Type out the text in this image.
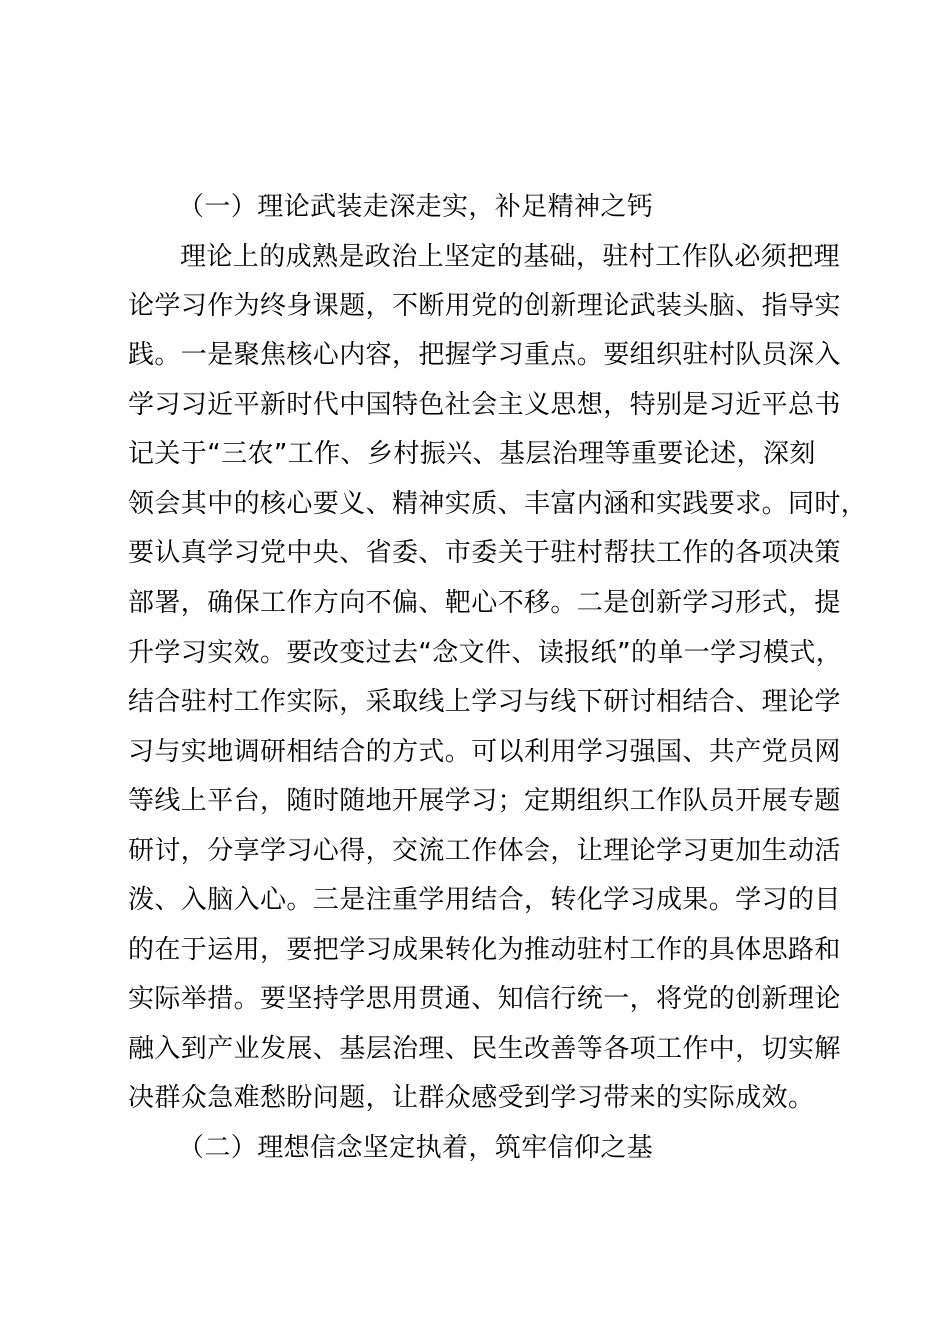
（一）理论武装走深走实，补足精神之钙
理论上的成熟是政治上坚定的基础，驻村工作队必须把理
论学习作为终身课题，不断用党的创新理论武装头脑、指导实
践。一是聚焦核心内容，把握学习重点。要组织驻村队员深入
学习习近平新时代中国特色社会主义思想，特别是习近平总书
记关于“三农”工作、乡村振兴、基层治理等重要论述，深刻
领会其中的核心要义、精神实质、丰富内涵和实践要求。同时，
要认真学习党中央、省委、市委关于驻村帮扶工作的各项决策
部署，确保工作方向不偏、靶心不移。二是创新学习形式，提
升学习实效。要改变过去“念文件、读报纸”的单一学习模式，
结合驻村工作实际，采取线上学习与线下研讨相结合、理论学
习与实地调研相结合的方式。可以利用学习强国、共产党员网
等线上平台，随时随地开展学习；定期组织工作队员开展专题
研讨，分享学习心得，交流工作体会，让理论学习更加生动活
泼、入脑入心。三是注重学用结合，转化学习成果。学习的目
的在于运用，要把学习成果转化为推动驻村工作的具体思路和
实际举措。要坚持学思用贯通、知信行统一，将党的创新理论
融入到产业发展、基层治理、民生改善等各项工作中，切实解
决群众急难愁盼问题，让群众感受到学习带来的实际成效。
（二）理想信念坚定执着，筑牢信仰之基
